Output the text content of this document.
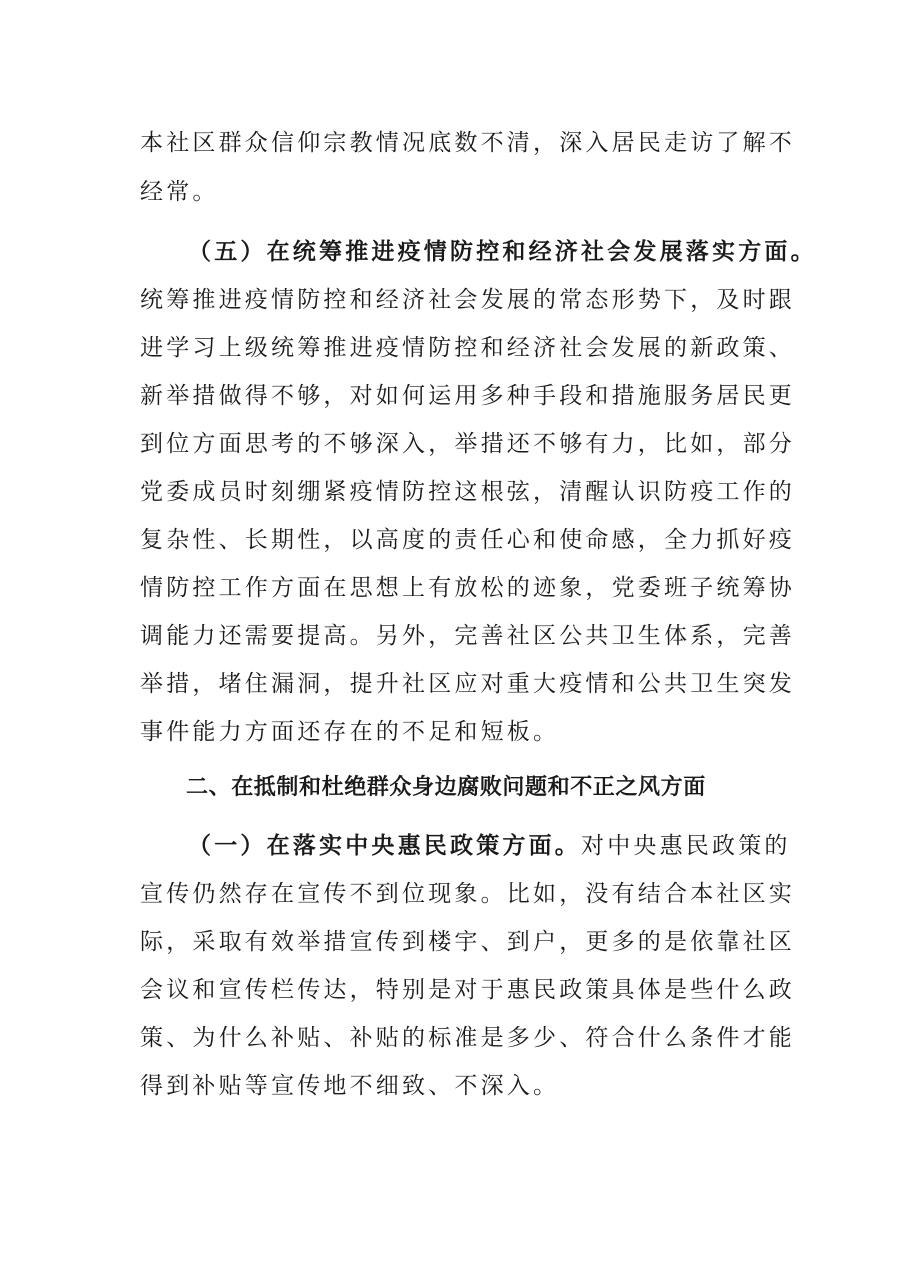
本社区群众信仰宗教情况底数不清，深入居民走访了解不
经常。
（五）在统筹推进疫情防控和经济社会发展落实方面。
统筹推进疫情防控和经济社会发展的常态形势下，及时跟
进学习上级统筹推进疫情防控和经济社会发展的新政策、
新举措做得不够，对如何运用多种手段和措施服务居民更
到位方面思考的不够深入，举措还不够有力，比如，部分
党委成员时刻绷紧疫情防控这根弦，清醒认识防疫工作的
复杂性、长期性，以高度的责任心和使命感，全力抓好疫
情防控工作方面在思想上有放松的迹象，党委班子统筹协
调能力还需要提高。另外，完善社区公共卫生体系，完善
举措，堵住漏洞，提升社区应对重大疫情和公共卫生突发
事件能力方面还存在的不足和短板。
二、在抵制和杜绝群众身边腐败问题和不正之风方面
（一）在落实中央惠民政策方面。对中央惠民政策的
宣传仍然存在宣传不到位现象。比如，没有结合本社区实
际，采取有效举措宣传到楼宇、到户，更多的是依靠社区
会议和宣传栏传达，特别是对于惠民政策具体是些什么政
策、为什么补贴、补贴的标准是多少、符合什么条件才能
得到补贴等宣传地不细致、不深入。
